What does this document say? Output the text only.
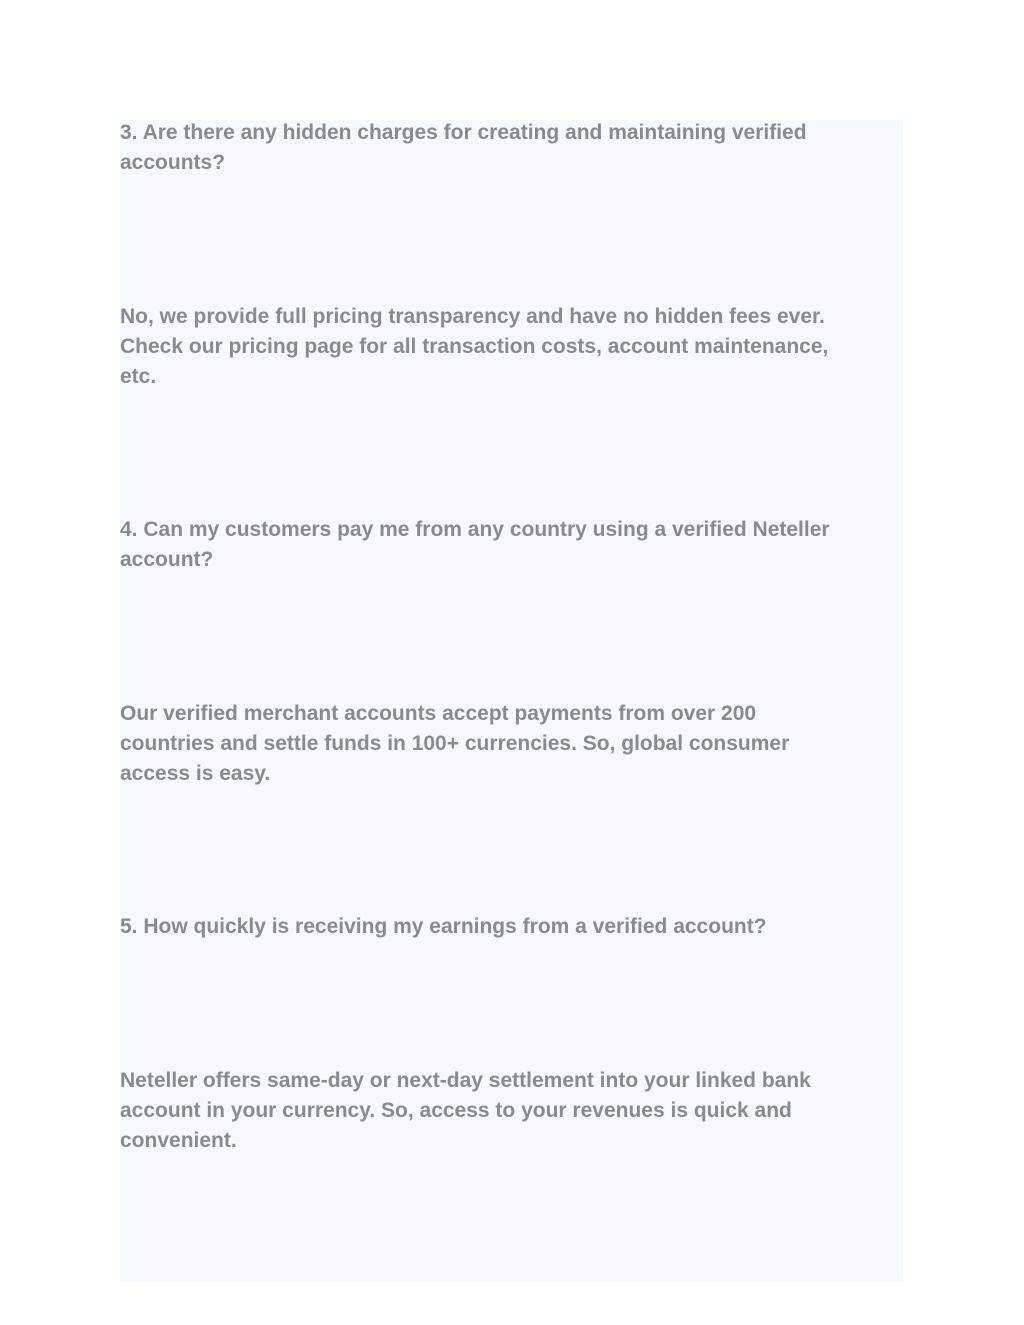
3. Are there any hidden charges for creating and maintaining verified
accounts?

No, we provide full pricing transparency and have no hidden fees ever.
Check our pricing page for all transaction costs, account maintenance,
etc.

4. Can my customers pay me from any country using a verified Neteller
account?

Our verified merchant accounts accept payments from over 200
countries and settle funds in 100+ currencies. So, global consumer
access is easy.

5. How quickly is receiving my earnings from a verified account?

Neteller offers same-day or next-day settlement into your linked bank
account in your currency. So, access to your revenues is quick and
convenient.
